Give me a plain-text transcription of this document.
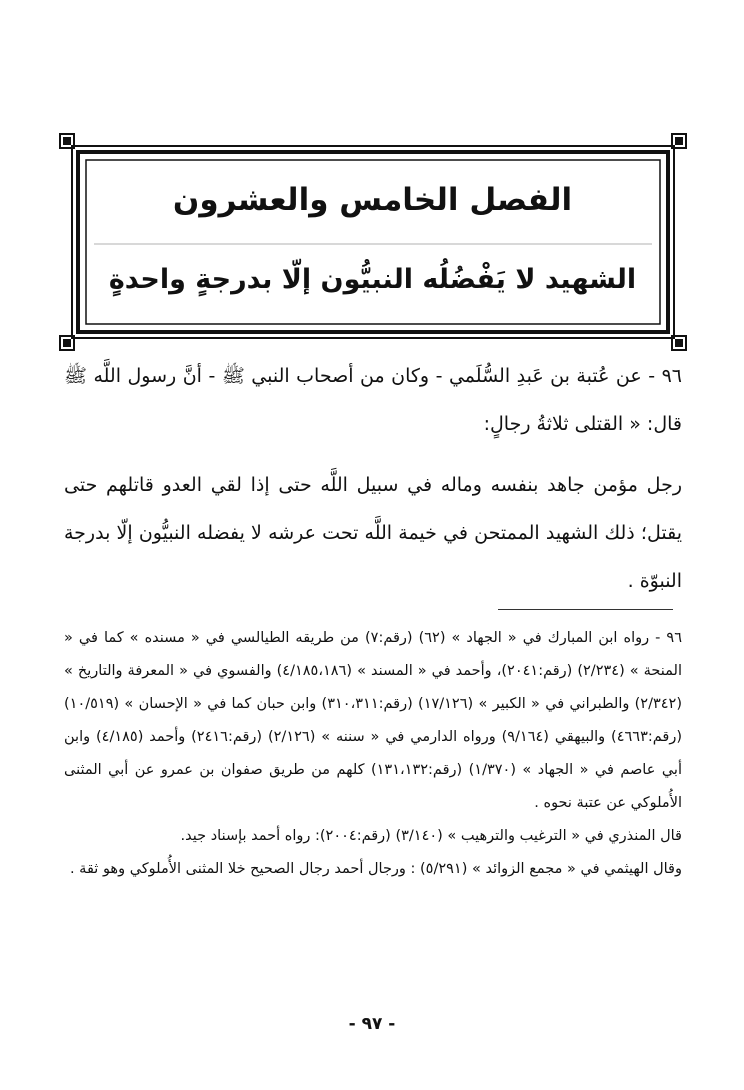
الفصل الخامس والعشرون
الشهيد لا يَفْضُلُه النبيُّون إلّا بدرجةٍ واحدةٍ

٩٦ - عن عُتبة بن عَبدِ السُّلَمي - وكان من أصحاب النبي ﷺ - أنَّ رسول اللَّه ﷺ قال: « القتلى ثلاثةُ رجالٍ:

رجل مؤمن جاهد بنفسه وماله في سبيل اللَّه حتى إذا لقي العدو قاتلهم حتى يقتل؛ ذلك الشهيد الممتحن في خيمة اللَّه تحت عرشه لا يفضله النبيُّون إلّا بدرجة النبوّة .

٩٦ - رواه ابن المبارك في « الجهاد » (٦٢) (رقم:٧) من طريقه الطيالسي في « مسنده » كما في « المنحة » (٢/٢٣٤) (رقم:٢٠٤١)، وأحمد في « المسند » (٤/١٨٥،١٨٦) والفسوي في « المعرفة والتاريخ » (٢/٣٤٢) والطبراني في « الكبير » (١٧/١٢٦) (رقم:٣١٠،٣١١) وابن حبان كما في « الإحسان » (١٠/٥١٩) (رقم:٤٦٦٣) والبيهقي (٩/١٦٤) ورواه الدارمي في « سننه » (٢/١٢٦) (رقم:٢٤١٦) وأحمد (٤/١٨٥) وابن أبي عاصم في « الجهاد » (١/٣٧٠) (رقم:١٣١،١٣٢) كلهم من طريق صفوان بن عمرو عن أبي المثنى الأُملوكي عن عتبة نحوه .

قال المنذري في « الترغيب والترهيب » (٣/١٤٠) (رقم:٢٠٠٤): رواه أحمد بإسناد جيد.

وقال الهيثمي في « مجمع الزوائد » (٥/٢٩١) : ورجال أحمد رجال الصحيح خلا المثنى الأُملوكي وهو ثقة .

- ٩٧ -
